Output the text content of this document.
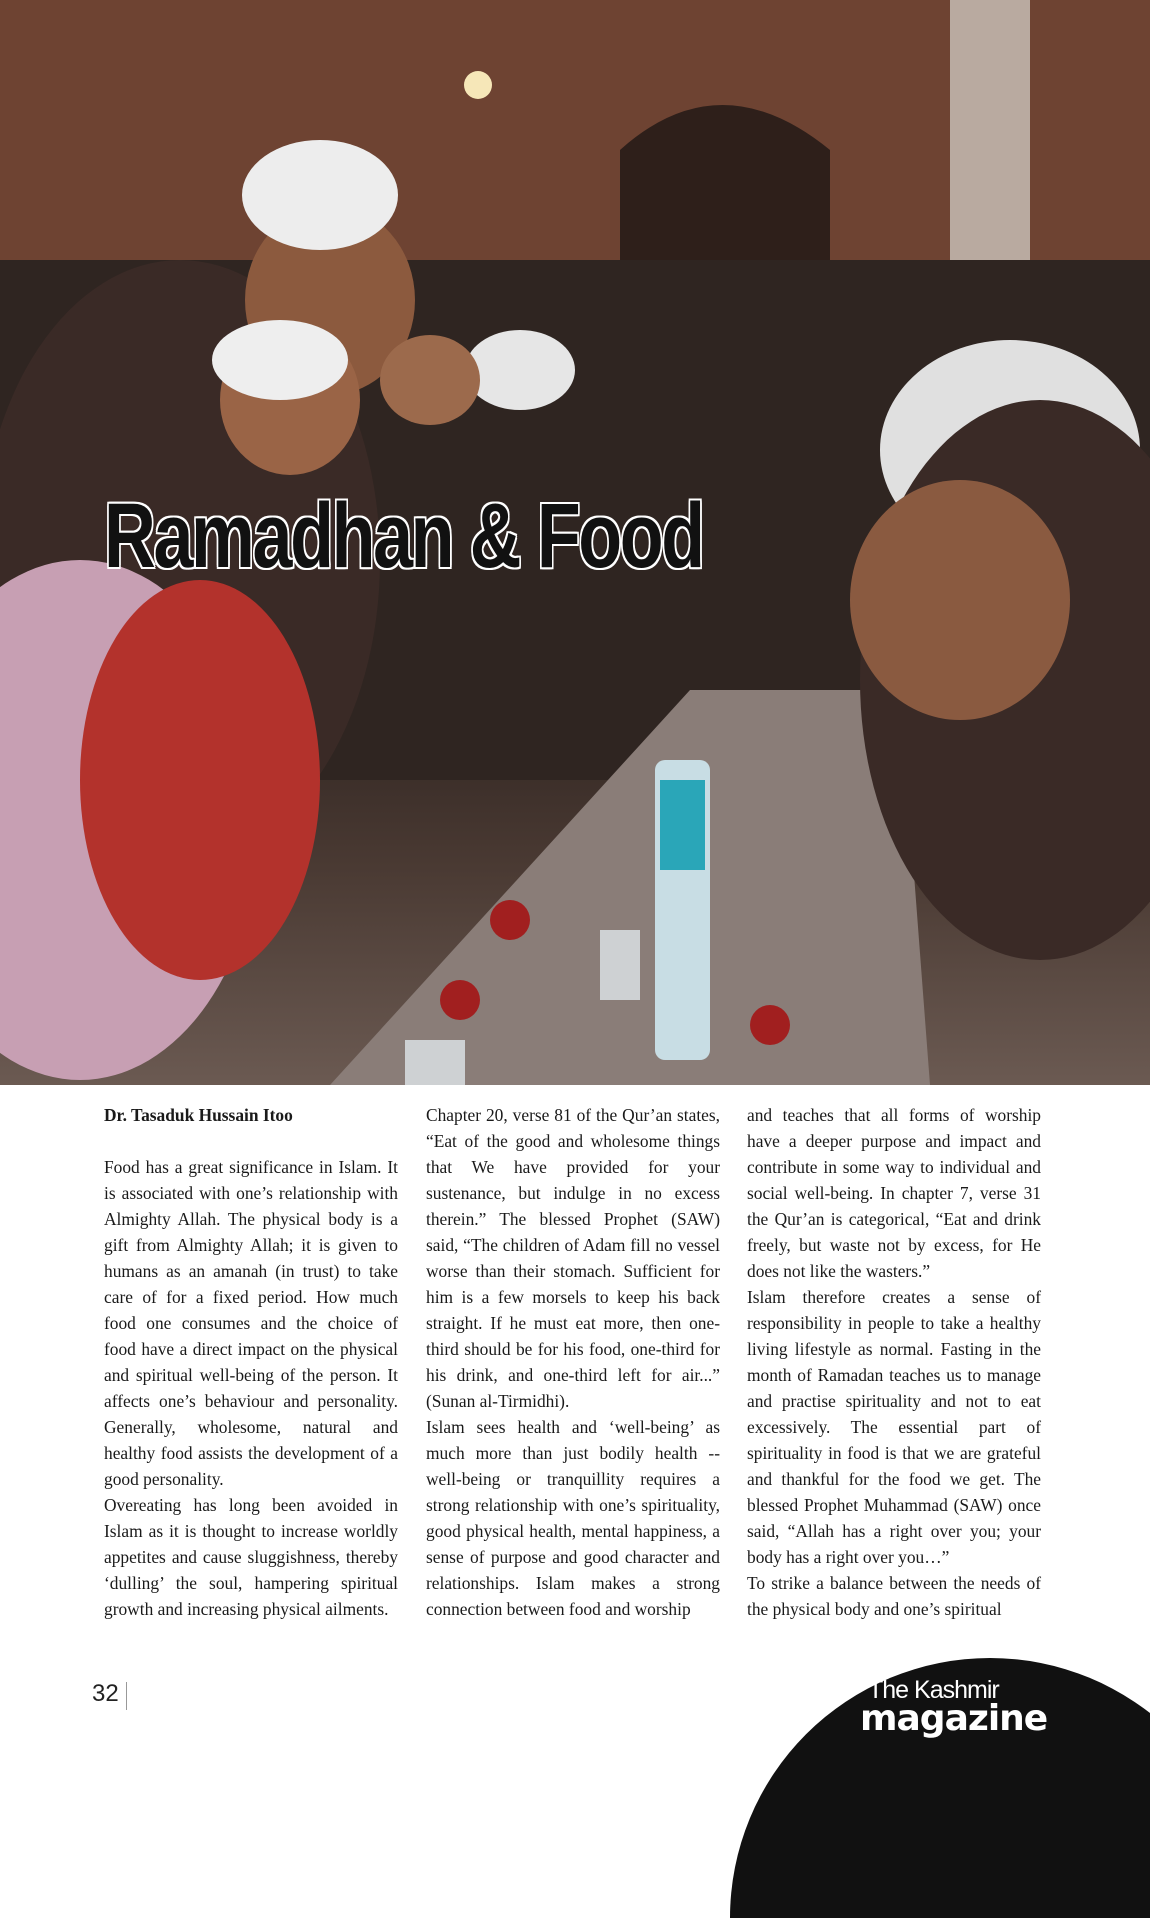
Ramadhan & Food

Dr. Tasaduk Hussain Itoo

Food has a great significance in Islam. It is associated with one’s relationship with Almighty Allah. The physical body is a gift from Almighty Allah; it is given to humans as an amanah (in trust) to take care of for a fixed period. How much food one consumes and the choice of food have a direct impact on the physical and spiritual well-being of the person. It affects one’s behaviour and personality. Generally, wholesome, natural and healthy food assists the development of a good personality.

Overeating has long been avoided in Islam as it is thought to increase worldly appetites and cause sluggishness, thereby ‘dulling’ the soul, hampering spiritual growth and increasing physical ailments.

Chapter 20, verse 81 of the Qur’an states, “Eat of the good and wholesome things that We have provided for your sustenance, but indulge in no excess therein.” The blessed Prophet (SAW) said, “The children of Adam fill no vessel worse than their stomach. Sufficient for him is a few morsels to keep his back straight. If he must eat more, then one-third should be for his food, one-third for his drink, and one-third left for air...” (Sunan al-Tirmidhi).

Islam sees health and ‘well-being’ as much more than just bodily health -- well-being or tranquillity requires a strong relationship with one’s spirituality, good physical health, mental happiness, a sense of purpose and good character and relationships. Islam makes a strong connection between food and worship

and teaches that all forms of worship have a deeper purpose and impact and contribute in some way to individual and social well-being. In chapter 7, verse 31 the Qur’an is categorical, “Eat and drink freely, but waste not by excess, for He does not like the wasters.”

Islam therefore creates a sense of responsibility in people to take a healthy living lifestyle as normal. Fasting in the month of Ramadan teaches us to manage and practise spirituality and not to eat excessively. The essential part of spirituality in food is that we are grateful and thankful for the food we get. The blessed Prophet Muhammad (SAW) once said, “Allah has a right over you; your body has a right over you…”

To strike a balance between the needs of the physical body and one’s spiritual

32	The Kashmir
magazine
